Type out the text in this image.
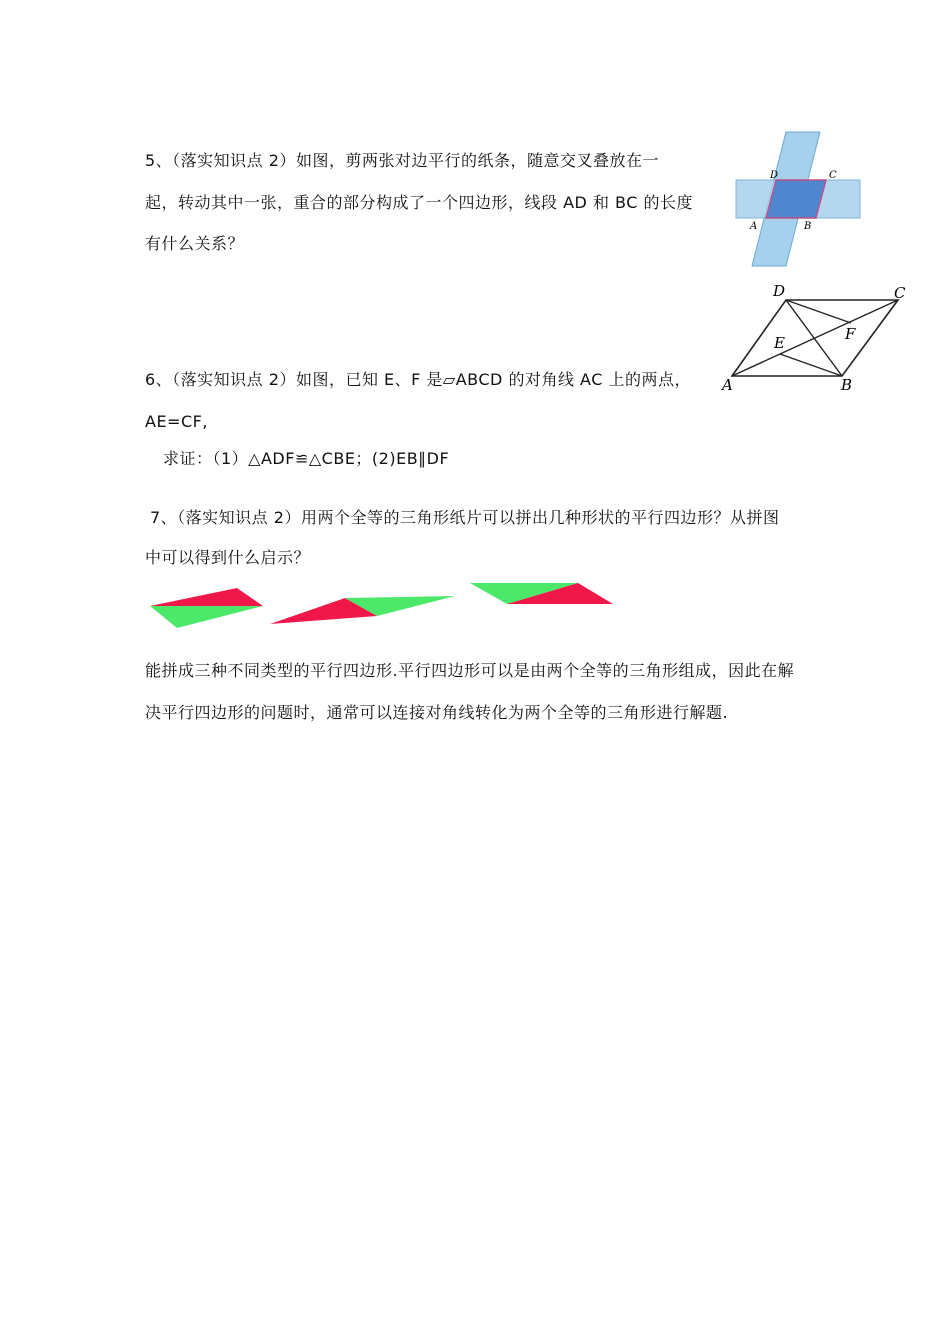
5、（落实知识点 2）如图，剪两张对边平行的纸条，随意交叉叠放在一
起，转动其中一张，重合的部分构成了一个四边形，线段 AD 和 BC 的长度
有什么关系？
D	C
A	B
6、（落实知识点 2）如图，已知 E、F 是▱ABCD 的对角线 AC 上的两点，
AE=CF,
求证：（1）△ADF≌△CBE；(2)EB∥DF
A	B
C
D
E	F
7、（落实知识点 2）用两个全等的三角形纸片可以拼出几种形状的平行四边形？从拼图
中可以得到什么启示？
能拼成三种不同类型的平行四边形.平行四边形可以是由两个全等的三角形组成，因此在解
决平行四边形的问题时，通常可以连接对角线转化为两个全等的三角形进行解题.
